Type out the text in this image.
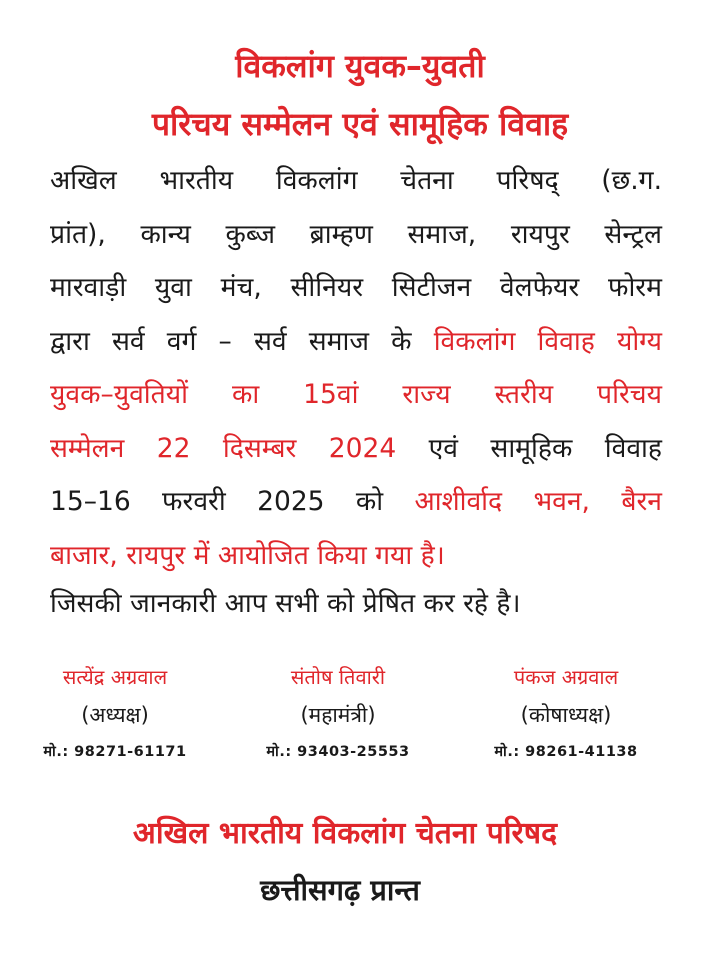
विकलांग युवक–युवती
परिचय सम्मेलन एवं सामूहिक विवाह
अखिल भारतीय विकलांग चेतना परिषद् (छ.ग.
प्रांत), कान्य कुब्ज ब्राम्हण समाज, रायपुर सेन्ट्रल
मारवाड़ी युवा मंच, सीनियर सिटीजन वेलफेयर फोरम
द्वारा सर्व वर्ग – सर्व समाज के विकलांग विवाह योग्य
युवक–युवतियों का 15वां राज्य स्तरीय परिचय
सम्मेलन 22 दिसम्बर 2024 एवं सामूहिक विवाह
15–16 फरवरी 2025 को आशीर्वाद भवन, बैरन
बाजार, रायपुर में आयोजित किया गया है।
जिसकी जानकारी आप सभी को प्रेषित कर रहे है।
सत्येंद्र अग्रवाल
(अध्यक्ष)
मो.: 98271-61171
संतोष तिवारी
(महामंत्री)
मो.: 93403-25553
पंकज अग्रवाल
(कोषाध्यक्ष)
मो.: 98261-41138
अखिल भारतीय विकलांग चेतना परिषद
छत्तीसगढ़ प्रान्त
